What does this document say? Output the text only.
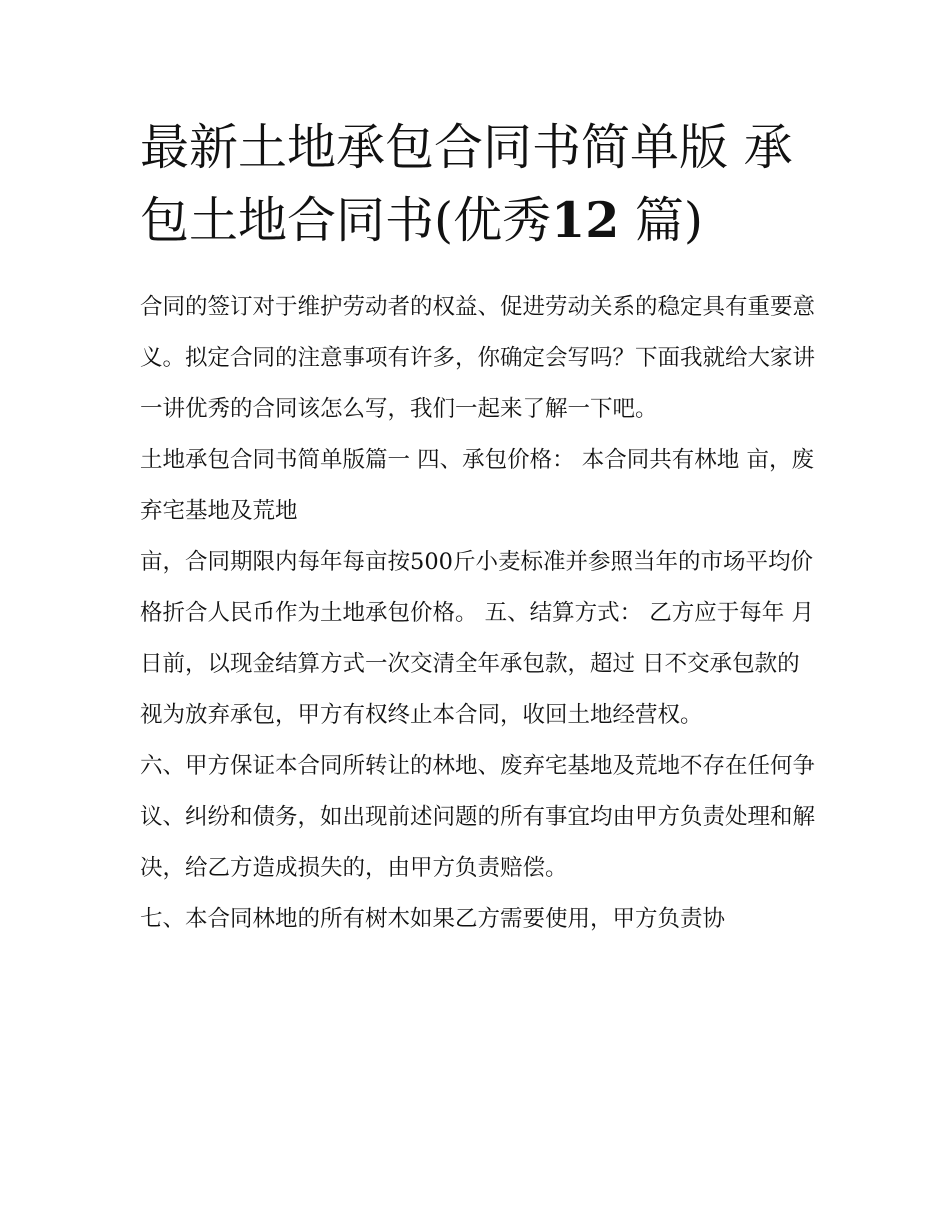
最新土地承包合同书简单版 承
包土地合同书(优秀12 篇)

合同的签订对于维护劳动者的权益、促进劳动关系的稳定具有重要意义。拟定合同的注意事项有许多，你确定会写吗？下面我就给大家讲一讲优秀的合同该怎么写，我们一起来了解一下吧。

土地承包合同书简单版篇一 四、承包价格： 本合同共有林地 亩，废弃宅基地及荒地

亩，合同期限内每年每亩按500斤小麦标准并参照当年的市场平均价格折合人民币作为土地承包价格。 五、结算方式： 乙方应于每年 月

日前，以现金结算方式一次交清全年承包款，超过 日不交承包款的视为放弃承包，甲方有权终止本合同，收回土地经营权。

六、甲方保证本合同所转让的林地、废弃宅基地及荒地不存在任何争议、纠纷和债务，如出现前述问题的所有事宜均由甲方负责处理和解决，给乙方造成损失的，由甲方负责赔偿。

七、本合同林地的所有树木如果乙方需要使用，甲方负责协
